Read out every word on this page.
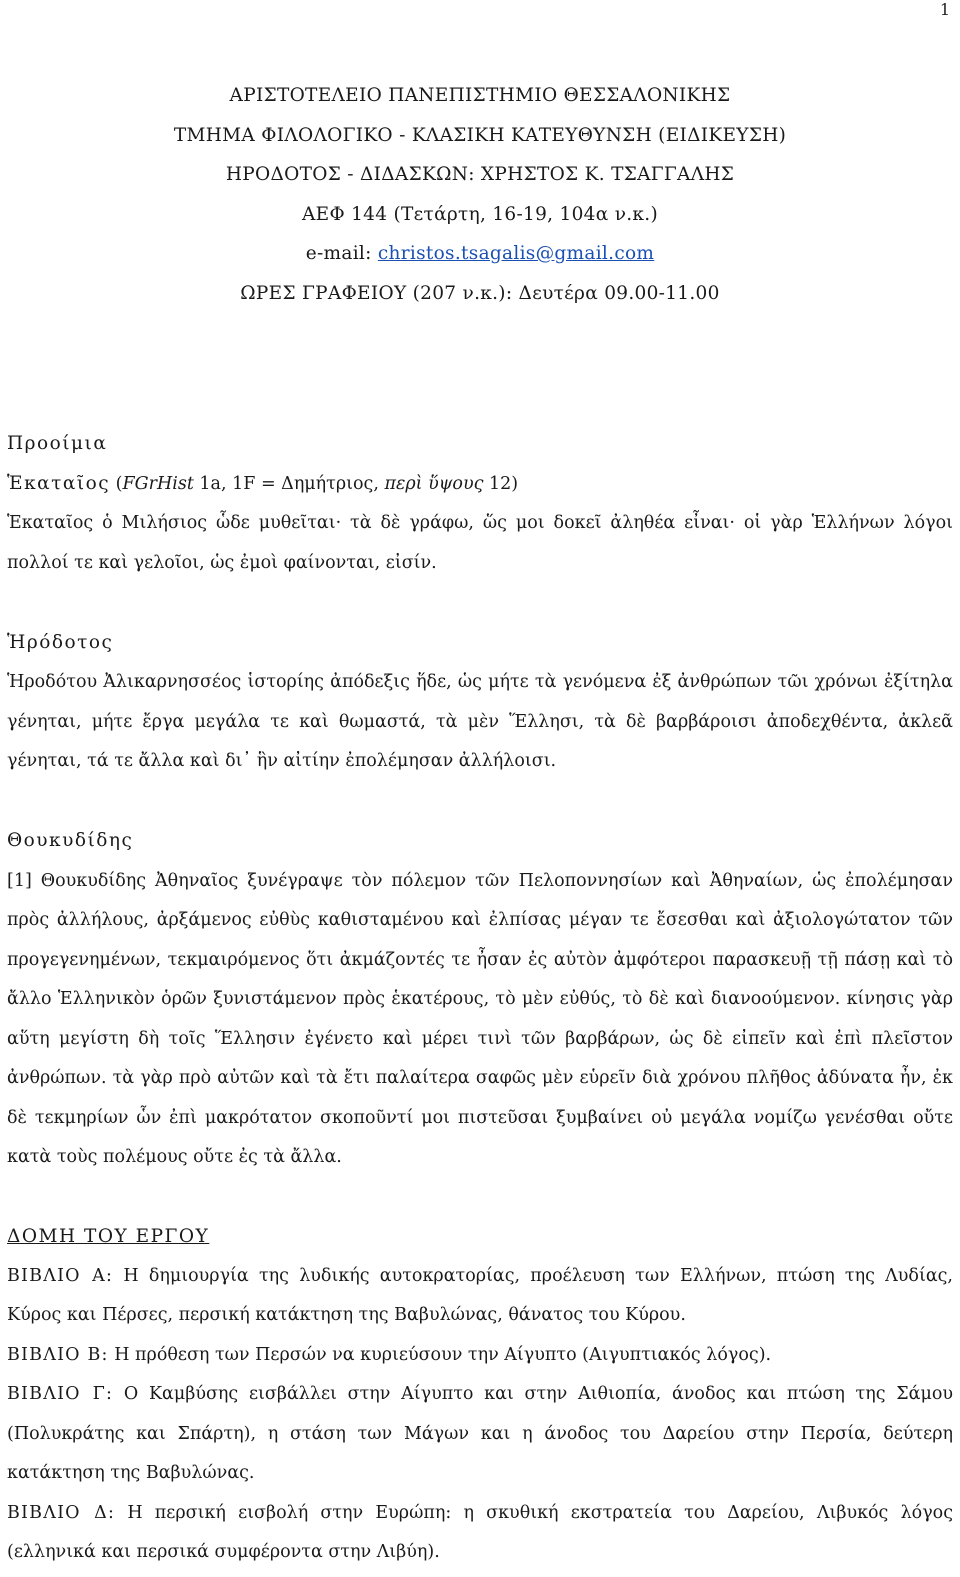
1
ΑΡΙΣΤΟΤΕΛΕΙΟ ΠΑΝΕΠΙΣΤΗΜΙΟ ΘΕΣΣΑΛΟΝΙΚΗΣ
ΤΜΗΜΑ ΦΙΛΟΛΟΓΙΚΟ - ΚΛΑΣΙΚΗ ΚΑΤΕΥΘΥΝΣΗ (ΕΙΔΙΚΕΥΣΗ)
ΗΡΟΔΟΤΟΣ - ΔΙΔΑΣΚΩΝ: ΧΡΗΣΤΟΣ Κ. ΤΣΑΓΓΑΛΗΣ
ΑΕΦ 144 (Τετάρτη, 16-19, 104α ν.κ.)
e-mail: christos.tsagalis@gmail.com
ΩΡΕΣ ΓΡΑΦΕΙΟΥ (207 ν.κ.): Δευτέρα 09.00-11.00
Προοίμια
Ἑκαταῖος (FGrHist 1a, 1F = Δημήτριος, περὶ ὕψους 12)

Ἑκαταῖος ὁ Μιλήσιος ὧδε μυθεῖται· τὰ δὲ γράφω, ὥς μοι δοκεῖ ἀληθέα εἶναι· οἱ γὰρ Ἑλλήνων λόγοι πολλοί τε καὶ γελοῖοι, ὡς ἐμοὶ φαίνονται, εἰσίν.

Ἡρόδοτος

Ἡροδότου Ἀλικαρνησσέος ἱστορίης ἀπόδεξις ἥδε, ὡς μήτε τὰ γενόμενα ἐξ ἀνθρώπων τῶι χρόνωι ἐξίτηλα γένηται, μήτε ἔργα μεγάλα τε καὶ θωμαστά, τὰ μὲν Ἕλλησι, τὰ δὲ βαρβάροισι ἀποδεχθέντα, ἀκλεᾶ γένηται, τά τε ἄλλα καὶ δι᾽ ἣν αἰτίην ἐπολέμησαν ἀλλήλοισι.

Θουκυδίδης

[1] Θουκυδίδης Ἀθηναῖος ξυνέγραψε τὸν πόλεμον τῶν Πελοποννησίων καὶ Ἀθηναίων, ὡς ἐπολέμησαν πρὸς ἀλλήλους, ἀρξάμενος εὐθὺς καθισταμένου καὶ ἐλπίσας μέγαν τε ἔσεσθαι καὶ ἀξιολογώτατον τῶν προγεγενημένων, τεκμαιρόμενος ὅτι ἀκμάζοντές τε ἦσαν ἐς αὐτὸν ἀμφότεροι παρασκευῇ τῇ πάσῃ καὶ τὸ ἄλλο Ἑλληνικὸν ὁρῶν ξυνιστάμενον πρὸς ἑκατέρους, τὸ μὲν εὐθύς, τὸ δὲ καὶ διανοούμενον. κίνησις γὰρ αὕτη μεγίστη δὴ τοῖς Ἕλλησιν ἐγένετο καὶ μέρει τινὶ τῶν βαρβάρων, ὡς δὲ εἰπεῖν καὶ ἐπὶ πλεῖστον ἀνθρώπων. τὰ γὰρ πρὸ αὐτῶν καὶ τὰ ἔτι παλαίτερα σαφῶς μὲν εὑρεῖν διὰ χρόνου πλῆθος ἀδύνατα ἦν, ἐκ δὲ τεκμηρίων ὧν ἐπὶ μακρότατον σκοποῦντί μοι πιστεῦσαι ξυμβαίνει οὐ μεγάλα νομίζω γενέσθαι οὔτε κατὰ τοὺς πολέμους οὔτε ἐς τὰ ἄλλα.

ΔΟΜΗ ΤΟΥ ΕΡΓΟΥ

ΒΙΒΛΙΟ Α: Η δημιουργία της λυδικής αυτοκρατορίας, προέλευση των Ελλήνων, πτώση της Λυδίας, Κύρος και Πέρσες, περσική κατάκτηση της Βαβυλώνας, θάνατος του Κύρου.

ΒΙΒΛΙΟ Β: Η πρόθεση των Περσών να κυριεύσουν την Αίγυπτο (Αιγυπτιακός λόγος).

ΒΙΒΛΙΟ Γ: Ο Καμβύσης εισβάλλει στην Αίγυπτο και στην Αιθιοπία, άνοδος και πτώση της Σάμου (Πολυκράτης και Σπάρτη), η στάση των Μάγων και η άνοδος του Δαρείου στην Περσία, δεύτερη κατάκτηση της Βαβυλώνας.

ΒΙΒΛΙΟ Δ: Η περσική εισβολή στην Ευρώπη: η σκυθική εκστρατεία του Δαρείου, Λιβυκός λόγος (ελληνικά και περσικά συμφέροντα στην Λιβύη).
